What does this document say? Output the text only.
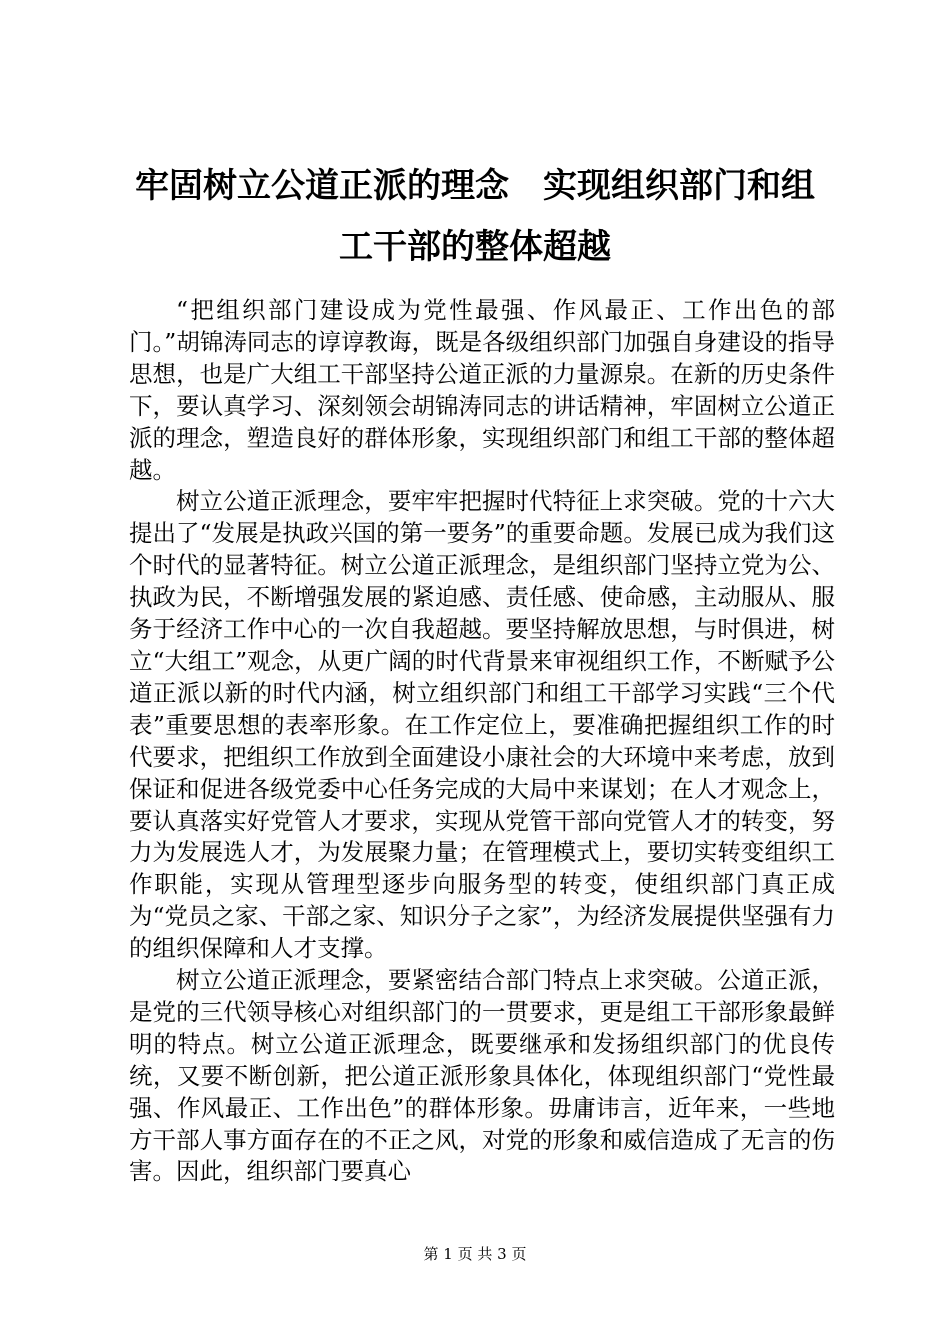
牢固树立公道正派的理念　实现组织部门和组
工干部的整体超越

“把组织部门建设成为党性最强、作风最正、工作出色的部门。”胡锦涛同志的谆谆教诲，既是各级组织部门加强自身建设的指导思想，也是广大组工干部坚持公道正派的力量源泉。在新的历史条件下，要认真学习、深刻领会胡锦涛同志的讲话精神，牢固树立公道正派的理念，塑造良好的群体形象，实现组织部门和组工干部的整体超越。

树立公道正派理念，要牢牢把握时代特征上求突破。党的十六大提出了“发展是执政兴国的第一要务”的重要命题。发展已成为我们这个时代的显著特征。树立公道正派理念，是组织部门坚持立党为公、执政为民，不断增强发展的紧迫感、责任感、使命感，主动服从、服务于经济工作中心的一次自我超越。要坚持解放思想，与时俱进，树立“大组工”观念，从更广阔的时代背景来审视组织工作，不断赋予公道正派以新的时代内涵，树立组织部门和组工干部学习实践“三个代表”重要思想的表率形象。在工作定位上，要准确把握组织工作的时代要求，把组织工作放到全面建设小康社会的大环境中来考虑，放到保证和促进各级党委中心任务完成的大局中来谋划；在人才观念上，要认真落实好党管人才要求，实现从党管干部向党管人才的转变，努力为发展选人才，为发展聚力量；在管理模式上，要切实转变组织工作职能，实现从管理型逐步向服务型的转变，使组织部门真正成为“党员之家、干部之家、知识分子之家”，为经济发展提供坚强有力的组织保障和人才支撑。

树立公道正派理念，要紧密结合部门特点上求突破。公道正派，是党的三代领导核心对组织部门的一贯要求，更是组工干部形象最鲜明的特点。树立公道正派理念，既要继承和发扬组织部门的优良传统，又要不断创新，把公道正派形象具体化，体现组织部门“党性最强、作风最正、工作出色”的群体形象。毋庸讳言，近年来，一些地方干部人事方面存在的不正之风，对党的形象和威信造成了无言的伤害。因此，组织部门要真心

第 1 页 共 3 页
